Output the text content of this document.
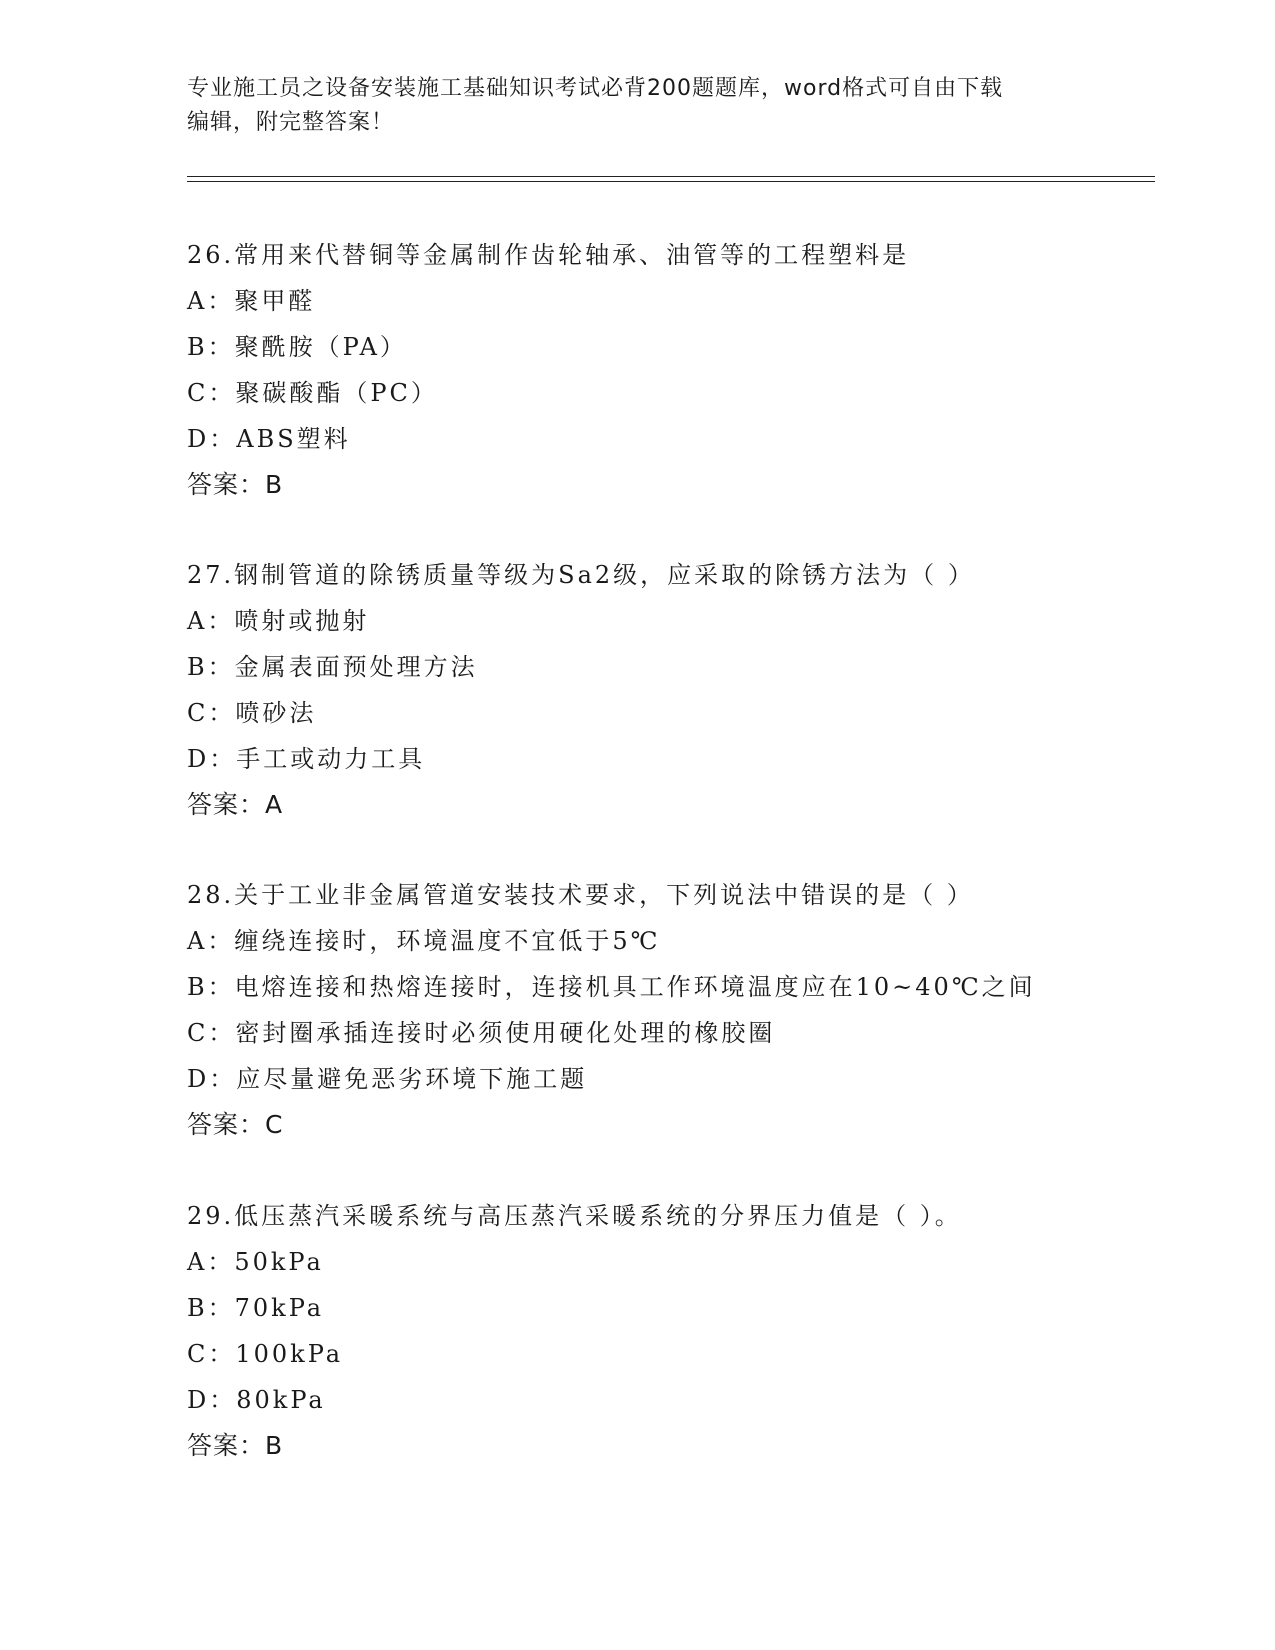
专业施工员之设备安装施工基础知识考试必背200题题库，word格式可自由下载
编辑，附完整答案！
26.常用来代替铜等金属制作齿轮轴承、油管等的工程塑料是
A：聚甲醛
B：聚酰胺（PA）
C：聚碳酸酯（PC）
D：ABS塑料
答案：B
27.钢制管道的除锈质量等级为Sa2级，应采取的除锈方法为（ ）
A：喷射或抛射
B：金属表面预处理方法
C：喷砂法
D：手工或动力工具
答案：A
28.关于工业非金属管道安装技术要求，下列说法中错误的是（ ）
A：缠绕连接时，环境温度不宜低于5℃
B：电熔连接和热熔连接时，连接机具工作环境温度应在10~40℃之间
C：密封圈承插连接时必须使用硬化处理的橡胶圈
D：应尽量避免恶劣环境下施工题
答案：C
29.低压蒸汽采暖系统与高压蒸汽采暖系统的分界压力值是（ ）。
A：50kPa
B：70kPa
C：100kPa
D：80kPa
答案：B
